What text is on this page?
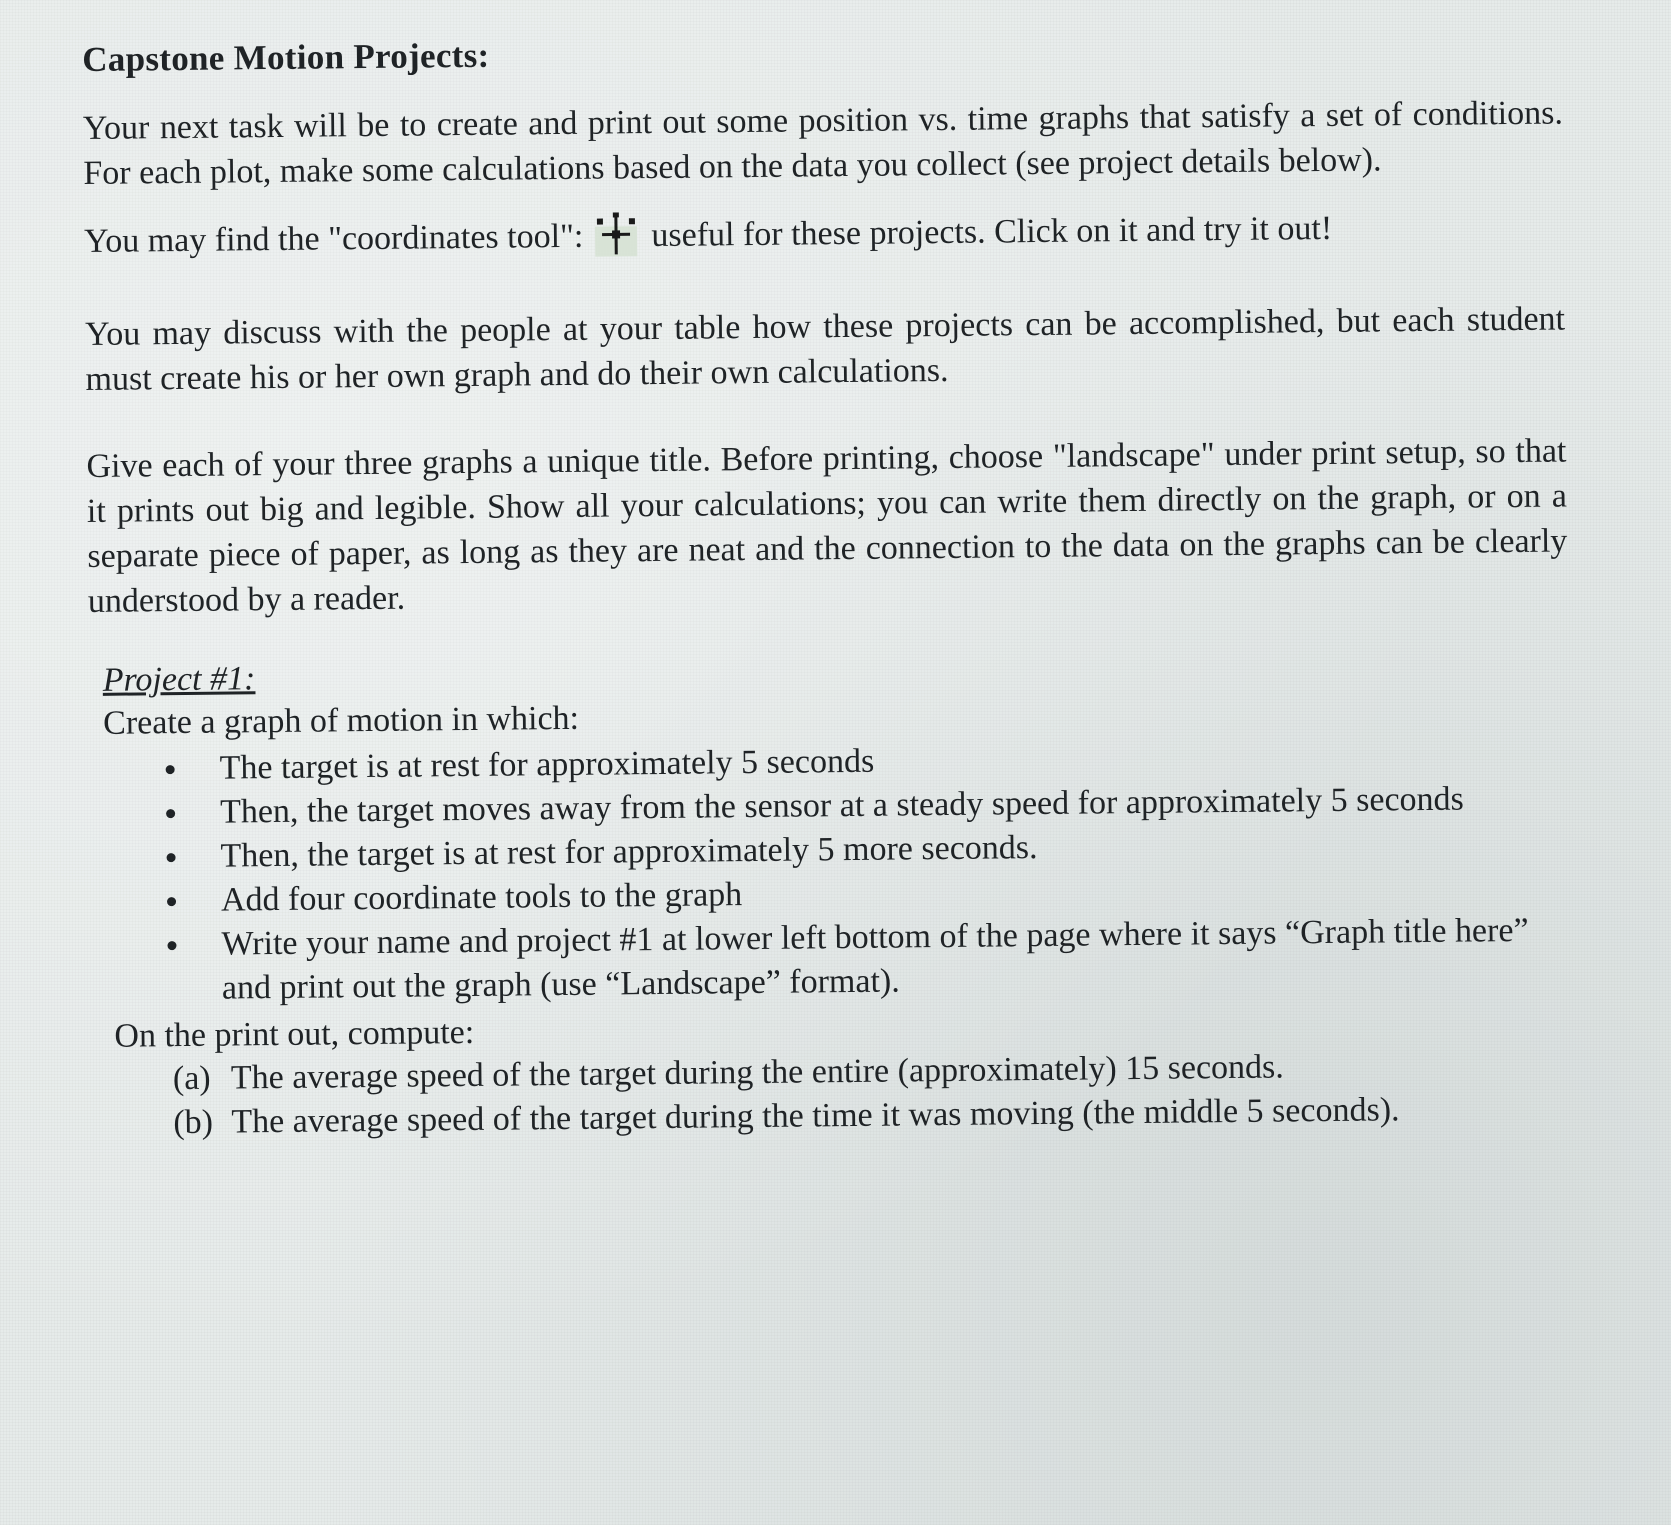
Capstone Motion Projects:

Your next task will be to create and print out some position vs. time graphs that satisfy a set of conditions. For each plot, make some calculations based on the data you collect (see project details below).

You may find the "coordinates tool": useful for these projects. Click on it and try it out!

You may discuss with the people at your table how these projects can be accomplished, but each student must create his or her own graph and do their own calculations.

Give each of your three graphs a unique title. Before printing, choose "landscape" under print setup, so that it prints out big and legible. Show all your calculations; you can write them directly on the graph, or on a separate piece of paper, as long as they are neat and the connection to the data on the graphs can be clearly understood by a reader.

Project #1:
Create a graph of motion in which:
The target is at rest for approximately 5 seconds
Then, the target moves away from the sensor at a steady speed for approximately 5 seconds
Then, the target is at rest for approximately 5 more seconds.
Add four coordinate tools to the graph
Write your name and project #1 at lower left bottom of the page where it says “Graph title here” and print out the graph (use “Landscape” format).
On the print out, compute:
(a) The average speed of the target during the entire (approximately) 15 seconds.
(b) The average speed of the target during the time it was moving (the middle 5 seconds).
